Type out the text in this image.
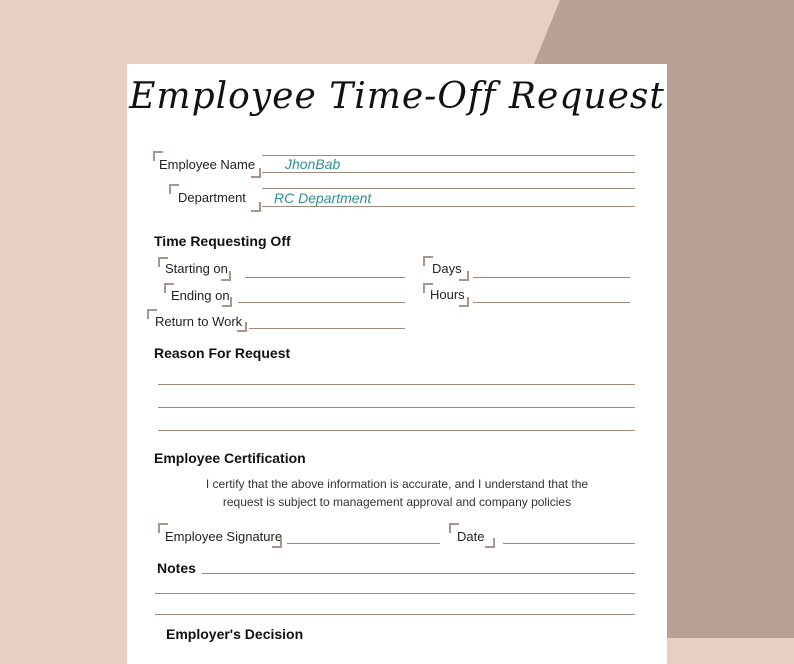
Employee Time-Off Request
Employee Name JhonBab
Department RC Department
Time Requesting Off
Starting on
Ending on
Return to Work
Days
Hours
Reason For Request
Employee Certification
I certify that the above information is accurate, and I understand that the
request is subject to management approval and company policies
Employee Signature	Date
Notes
Employer's Decision
